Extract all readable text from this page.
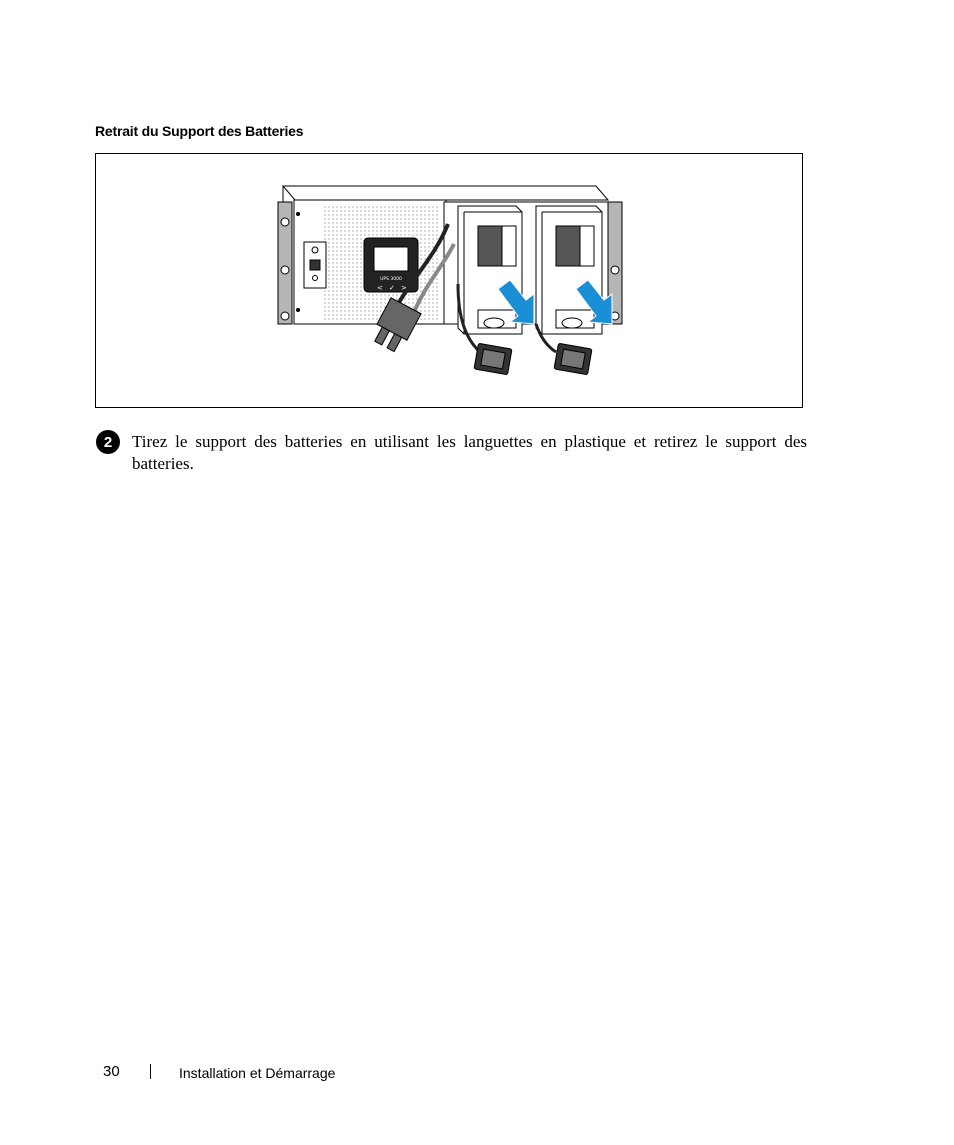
Retrait du Support des Batteries
UPS 3000
< ✓ >
2	Tirez le support des batteries en utilisant les languettes en plastique et retirez le support des batteries.

30	Installation et Démarrage
